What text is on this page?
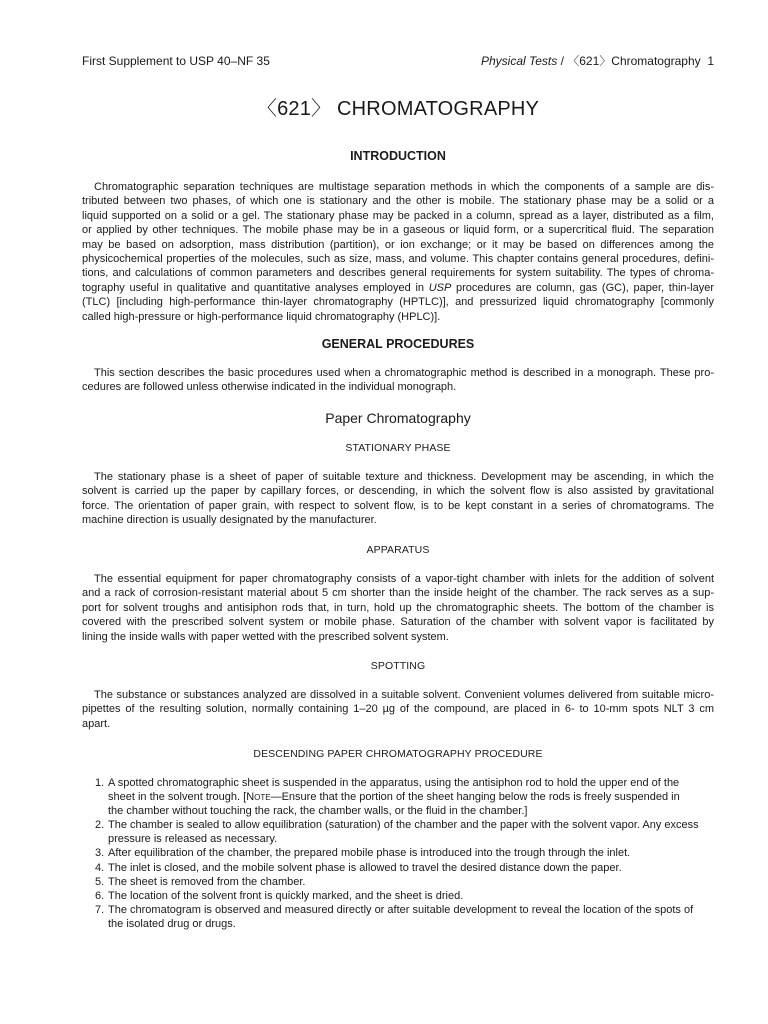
First Supplement to USP 40–NF 35	Physical Tests / 〈621〉Chromatography  1
〈621〉 CHROMATOGRAPHY
INTRODUCTION
Chromatographic separation techniques are multistage separation methods in which the components of a sample are dis-
tributed between two phases, of which one is stationary and the other is mobile. The stationary phase may be a solid or a
liquid supported on a solid or a gel. The stationary phase may be packed in a column, spread as a layer, distributed as a film,
or applied by other techniques. The mobile phase may be in a gaseous or liquid form, or a supercritical fluid. The separation
may be based on adsorption, mass distribution (partition), or ion exchange; or it may be based on differences among the
physicochemical properties of the molecules, such as size, mass, and volume. This chapter contains general procedures, defini-
tions, and calculations of common parameters and describes general requirements for system suitability. The types of chroma-
tography useful in qualitative and quantitative analyses employed in USP procedures are column, gas (GC), paper, thin-layer
(TLC) [including high-performance thin-layer chromatography (HPTLC)], and pressurized liquid chromatography [commonly
called high-pressure or high-performance liquid chromatography (HPLC)].
GENERAL PROCEDURES
This section describes the basic procedures used when a chromatographic method is described in a monograph. These pro-
cedures are followed unless otherwise indicated in the individual monograph.
Paper Chromatography
STATIONARY PHASE
The stationary phase is a sheet of paper of suitable texture and thickness. Development may be ascending, in which the
solvent is carried up the paper by capillary forces, or descending, in which the solvent flow is also assisted by gravitational
force. The orientation of paper grain, with respect to solvent flow, is to be kept constant in a series of chromatograms. The
machine direction is usually designated by the manufacturer.
APPARATUS
The essential equipment for paper chromatography consists of a vapor-tight chamber with inlets for the addition of solvent
and a rack of corrosion-resistant material about 5 cm shorter than the inside height of the chamber. The rack serves as a sup-
port for solvent troughs and antisiphon rods that, in turn, hold up the chromatographic sheets. The bottom of the chamber is
covered with the prescribed solvent system or mobile phase. Saturation of the chamber with solvent vapor is facilitated by
lining the inside walls with paper wetted with the prescribed solvent system.
SPOTTING
The substance or substances analyzed are dissolved in a suitable solvent. Convenient volumes delivered from suitable micro-
pipettes of the resulting solution, normally containing 1–20 µg of the compound, are placed in 6- to 10-mm spots NLT 3 cm
apart.
DESCENDING PAPER CHROMATOGRAPHY PROCEDURE
1. A spotted chromatographic sheet is suspended in the apparatus, using the antisiphon rod to hold the upper end of the
sheet in the solvent trough. [Note—Ensure that the portion of the sheet hanging below the rods is freely suspended in
the chamber without touching the rack, the chamber walls, or the fluid in the chamber.]
2. The chamber is sealed to allow equilibration (saturation) of the chamber and the paper with the solvent vapor. Any excess
pressure is released as necessary.
3. After equilibration of the chamber, the prepared mobile phase is introduced into the trough through the inlet.
4. The inlet is closed, and the mobile solvent phase is allowed to travel the desired distance down the paper.
5. The sheet is removed from the chamber.
6. The location of the solvent front is quickly marked, and the sheet is dried.
7. The chromatogram is observed and measured directly or after suitable development to reveal the location of the spots of
the isolated drug or drugs.
